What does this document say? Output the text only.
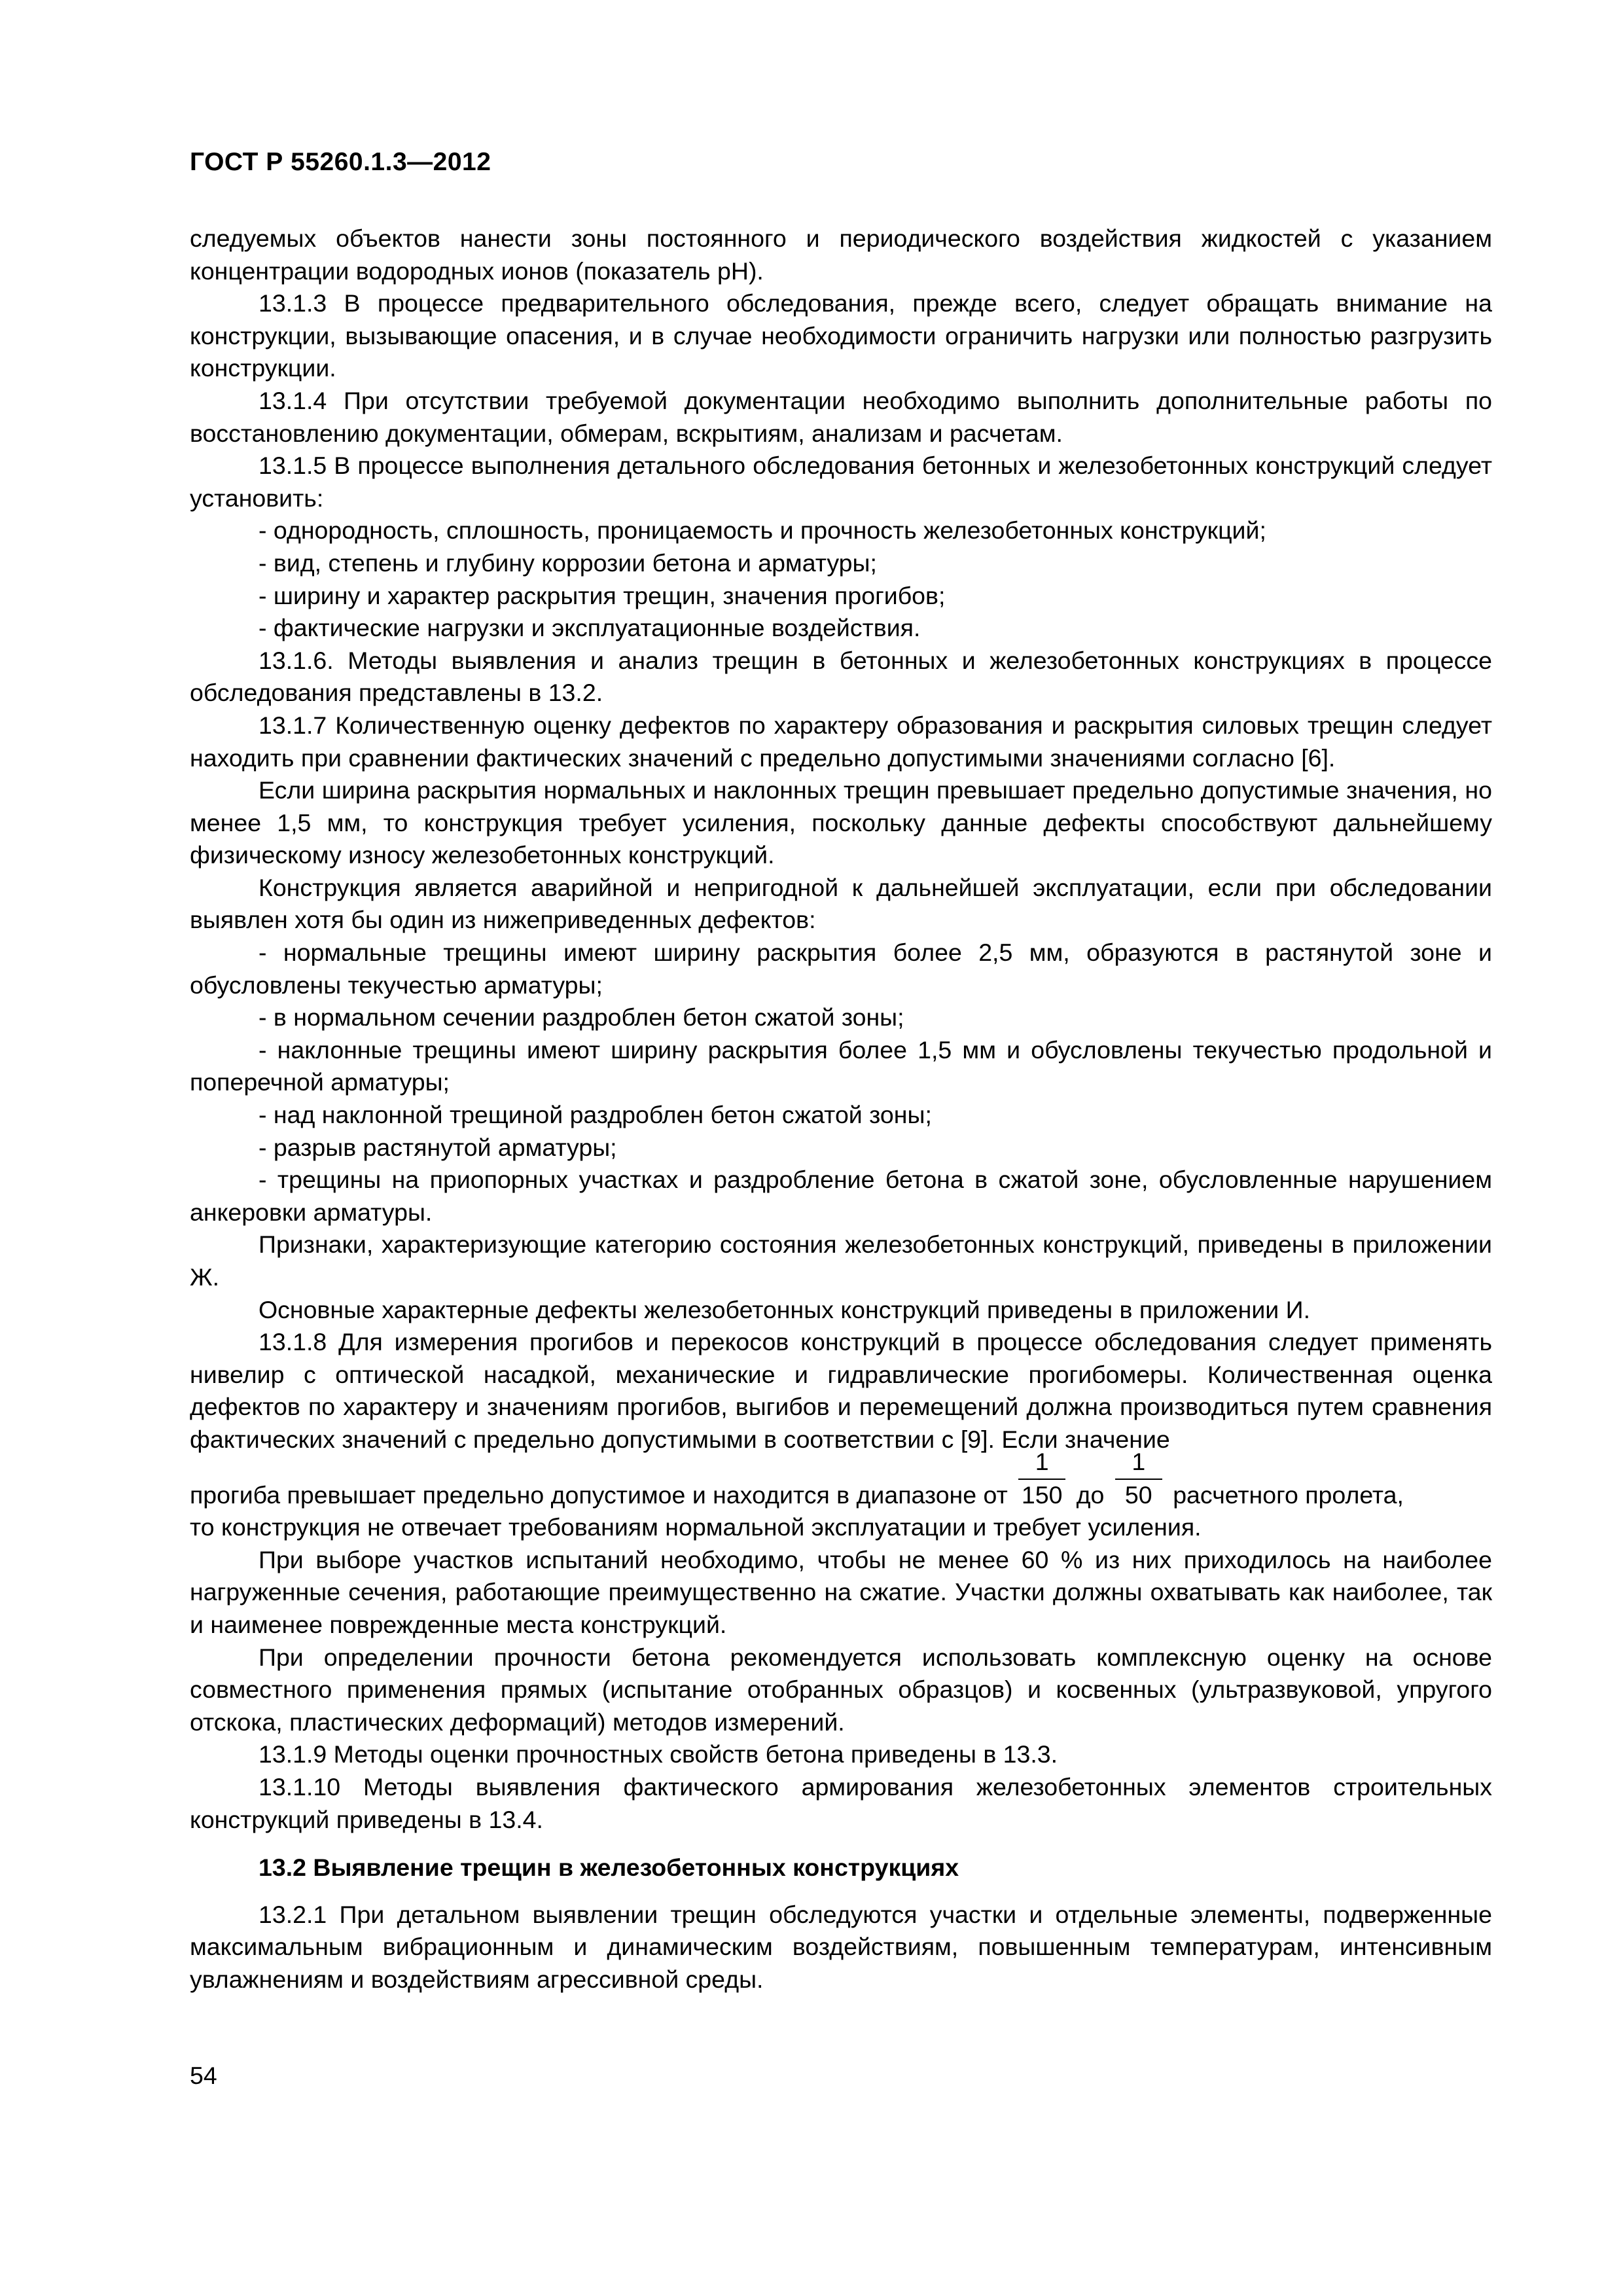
ГОСТ Р 55260.1.3—2012

следуемых объектов нанести зоны постоянного и периодического воздействия жидкостей с указанием концентрации водородных ионов (показатель pH).

13.1.3 В процессе предварительного обследования, прежде всего, следует обращать внимание на конструкции, вызывающие опасения, и в случае необходимости ограничить нагрузки или полностью разгрузить конструкции.

13.1.4 При отсутствии требуемой документации необходимо выполнить дополнительные работы по восстановлению документации, обмерам, вскрытиям, анализам и расчетам.

13.1.5 В процессе выполнения детального обследования бетонных и железобетонных конструкций следует установить:

- однородность, сплошность, проницаемость и прочность железобетонных конструкций;

- вид, степень и глубину коррозии бетона и арматуры;

- ширину и характер раскрытия трещин, значения прогибов;

- фактические нагрузки и эксплуатационные воздействия.

13.1.6. Методы выявления и анализ трещин в бетонных и железобетонных конструкциях в процессе обследования представлены в 13.2.

13.1.7 Количественную оценку дефектов по характеру образования и раскрытия силовых трещин следует находить при сравнении фактических значений с предельно допустимыми значениями согласно [6].

Если ширина раскрытия нормальных и наклонных трещин превышает предельно допустимые значения, но менее 1,5 мм, то конструкция требует усиления, поскольку данные дефекты способствуют дальнейшему физическому износу железобетонных конструкций.

Конструкция является аварийной и непригодной к дальнейшей эксплуатации, если при обследовании выявлен хотя бы один из нижеприведенных дефектов:

- нормальные трещины имеют ширину раскрытия более 2,5 мм, образуются в растянутой зоне и обусловлены текучестью арматуры;

- в нормальном сечении раздроблен бетон сжатой зоны;

- наклонные трещины имеют ширину раскрытия более 1,5 мм и обусловлены текучестью продольной и поперечной арматуры;

- над наклонной трещиной раздроблен бетон сжатой зоны;

- разрыв растянутой арматуры;

- трещины на приопорных участках и раздробление бетона в сжатой зоне, обусловленные нарушением анкеровки арматуры.

Признаки, характеризующие категорию состояния железобетонных конструкций, приведены в приложении Ж.

Основные характерные дефекты железобетонных конструкций приведены в приложении И.

13.1.8 Для измерения прогибов и перекосов конструкций в процессе обследования следует применять нивелир с оптической насадкой, механические и гидравлические прогибомеры. Количественная оценка дефектов по характеру и значениям прогибов, выгибов и перемещений должна производиться путем сравнения фактических значений с предельно допустимыми в соответствии с [9]. Если значение

прогиба превышает предельно допустимое и находится в диапазоне от $\frac{1}{150}$ до $\frac{1}{50}$ расчетного пролета,

то конструкция не отвечает требованиям нормальной эксплуатации и требует усиления.

При выборе участков испытаний необходимо, чтобы не менее 60 % из них приходилось на наиболее нагруженные сечения, работающие преимущественно на сжатие. Участки должны охватывать как наиболее, так и наименее поврежденные места конструкций.

При определении прочности бетона рекомендуется использовать комплексную оценку на основе совместного применения прямых (испытание отобранных образцов) и косвенных (ультразвуковой, упругого отскока, пластических деформаций) методов измерений.

13.1.9 Методы оценки прочностных свойств бетона приведены в 13.3.

13.1.10 Методы выявления фактического армирования железобетонных элементов строительных конструкций приведены в 13.4.

13.2 Выявление трещин в железобетонных конструкциях

13.2.1 При детальном выявлении трещин обследуются участки и отдельные элементы, подверженные максимальным вибрационным и динамическим воздействиям, повышенным температурам, интенсивным увлажнениям и воздействиям агрессивной среды.

54
